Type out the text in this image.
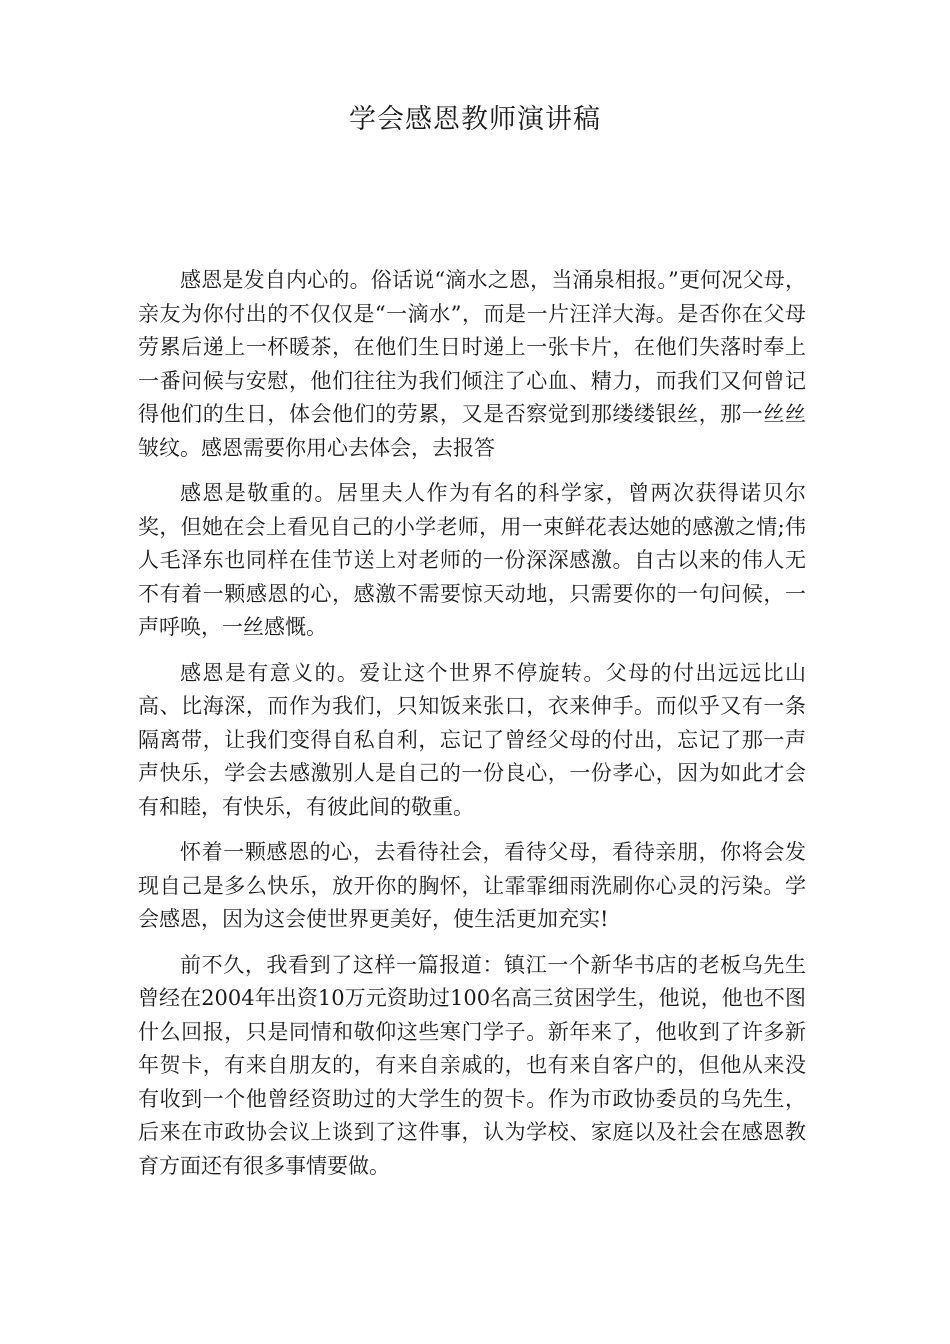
学会感恩教师演讲稿

感恩是发自内心的。俗话说“滴水之恩，当涌泉相报。”更何况父母，亲友为你付出的不仅仅是“一滴水”，而是一片汪洋大海。是否你在父母劳累后递上一杯暖茶，在他们生日时递上一张卡片，在他们失落时奉上一番问候与安慰，他们往往为我们倾注了心血、精力，而我们又何曾记得他们的生日，体会他们的劳累，又是否察觉到那缕缕银丝，那一丝丝皱纹。感恩需要你用心去体会，去报答

感恩是敬重的。居里夫人作为有名的科学家，曾两次获得诺贝尔奖，但她在会上看见自己的小学老师，用一束鲜花表达她的感激之情;伟人毛泽东也同样在佳节送上对老师的一份深深感激。自古以来的伟人无不有着一颗感恩的心，感激不需要惊天动地，只需要你的一句问候，一声呼唤，一丝感慨。

感恩是有意义的。爱让这个世界不停旋转。父母的付出远远比山高、比海深，而作为我们，只知饭来张口，衣来伸手。而似乎又有一条隔离带，让我们变得自私自利，忘记了曾经父母的付出，忘记了那一声声快乐，学会去感激别人是自己的一份良心，一份孝心，因为如此才会有和睦，有快乐，有彼此间的敬重。

怀着一颗感恩的心，去看待社会，看待父母，看待亲朋，你将会发现自己是多么快乐，放开你的胸怀，让霏霏细雨洗刷你心灵的污染。学会感恩，因为这会使世界更美好，使生活更加充实!

前不久，我看到了这样一篇报道：镇江一个新华书店的老板乌先生曾经在2004年出资10万元资助过100名高三贫困学生，他说，他也不图什么回报，只是同情和敬仰这些寒门学子。新年来了，他收到了许多新年贺卡，有来自朋友的，有来自亲戚的，也有来自客户的，但他从来没有收到一个他曾经资助过的大学生的贺卡。作为市政协委员的乌先生，后来在市政协会议上谈到了这件事，认为学校、家庭以及社会在感恩教育方面还有很多事情要做。
